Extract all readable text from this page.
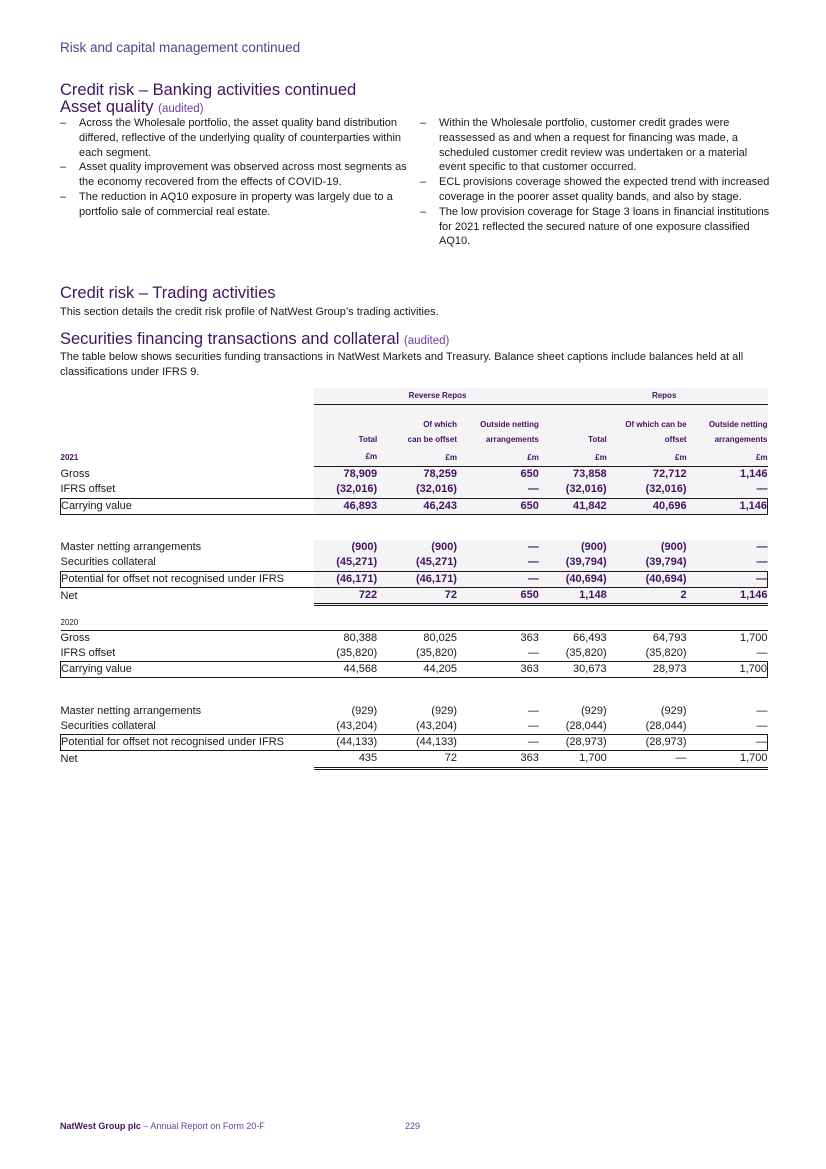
Risk and capital management continued
Credit risk – Banking activities continued
Asset quality (audited)
– Across the Wholesale portfolio, the asset quality band distribution differed, reflective of the underlying quality of counterparties within each segment.
– Asset quality improvement was observed across most segments as the economy recovered from the effects of COVID-19.
– The reduction in AQ10 exposure in property was largely due to a portfolio sale of commercial real estate.
– Within the Wholesale portfolio, customer credit grades were reassessed as and when a request for financing was made, a scheduled customer credit review was undertaken or a material event specific to that customer occurred.
– ECL provisions coverage showed the expected trend with increased coverage in the poorer asset quality bands, and also by stage.
– The low provision coverage for Stage 3 loans in financial institutions for 2021 reflected the secured nature of one exposure classified AQ10.
Credit risk – Trading activities
This section details the credit risk profile of NatWest Group’s trading activities.
Securities financing transactions and collateral (audited)
The table below shows securities funding transactions in NatWest Markets and Treasury. Balance sheet captions include balances held at all classifications under IFRS 9.
	Reverse Repos			Repos		
		Of which	Outside netting		Of which can be	Outside netting
	Total	can be offset	arrangements	Total	offset	arrangements
2021	£m	£m	£m	£m	£m	£m
Gross	78,909	78,259	650	73,858	72,712	1,146
IFRS offset	(32,016)	(32,016)	—	(32,016)	(32,016)	—
Carrying value	46,893	46,243	650	41,842	40,696	1,146

Master netting arrangements	(900)	(900)	—	(900)	(900)	—
Securities collateral	(45,271)	(45,271)	—	(39,794)	(39,794)	—
Potential for offset not recognised under IFRS	(46,171)	(46,171)	—	(40,694)	(40,694)	—
Net	722	72	650	1,148	2	1,146

2020						
Gross	80,388	80,025	363	66,493	64,793	1,700
IFRS offset	(35,820)	(35,820)	—	(35,820)	(35,820)	—
Carrying value	44,568	44,205	363	30,673	28,973	1,700

Master netting arrangements	(929)	(929)	—	(929)	(929)	—
Securities collateral	(43,204)	(43,204)	—	(28,044)	(28,044)	—
Potential for offset not recognised under IFRS	(44,133)	(44,133)	—	(28,973)	(28,973)	—
Net	435	72	363	1,700	—	1,700
NatWest Group plc – Annual Report on Form 20-F	229
